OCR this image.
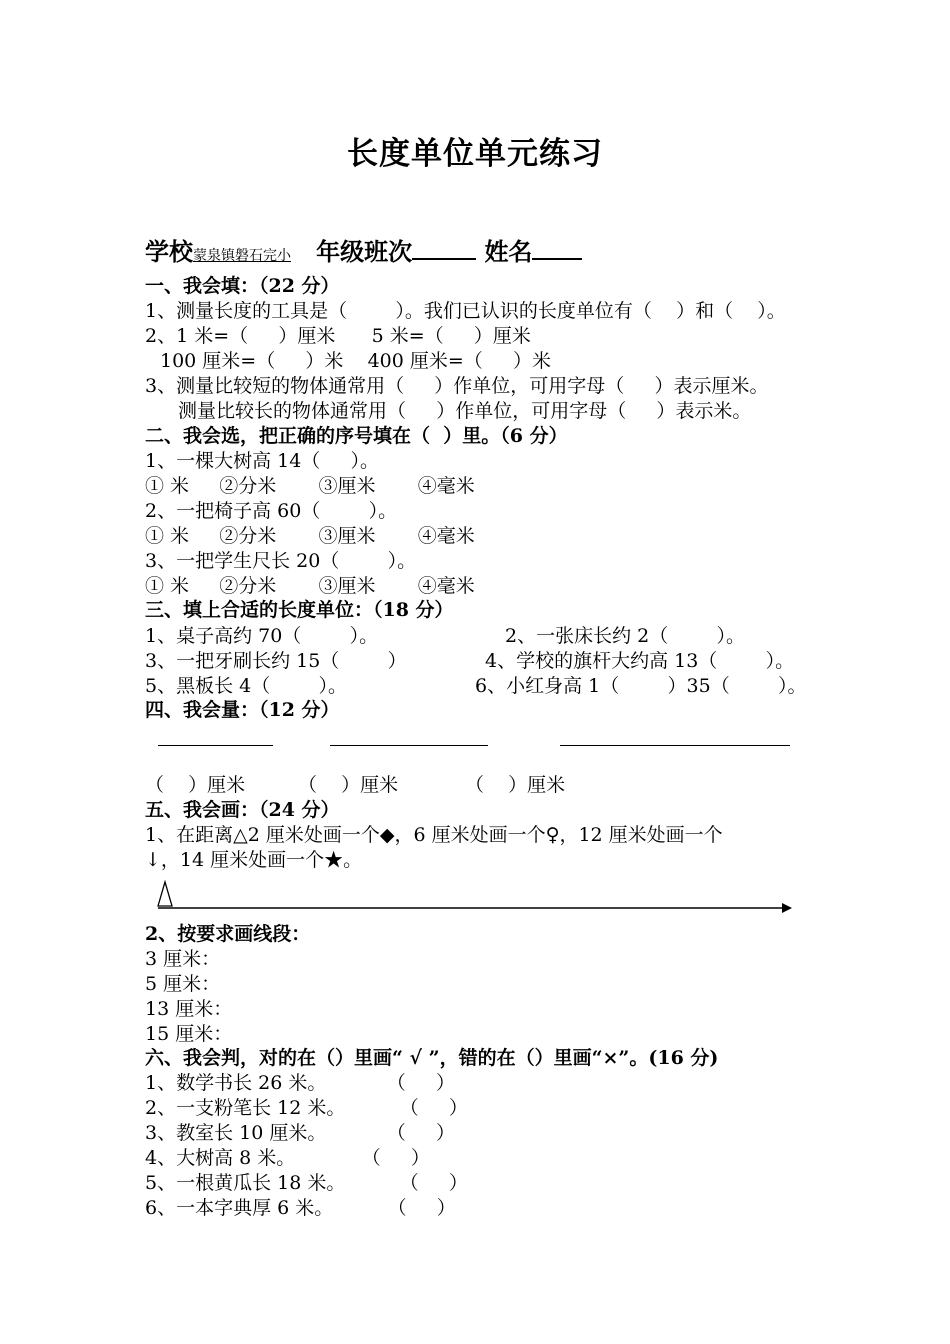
长度单位单元练习
学校蒙泉镇磐石完小 年级班次	姓名
一、我会填：（22 分）
1、测量长度的工具是（        ）。我们已认识的长度单位有（    ）和（    ）。
2、1 米=（     ）厘米      5 米=（     ）厘米
100 厘米=（     ）米    400 厘米=（     ）米
3、测量比较短的物体通常用（     ）作单位，可用字母（     ）表示厘米。
测量比较长的物体通常用（     ）作单位，可用字母（     ）表示米。
二、我会选，把正确的序号填在（  ）里。（6 分）
1、一棵大树高 14（     ）。
① 米     ②分米       ③厘米       ④毫米
2、一把椅子高 60（        ）。
① 米     ②分米       ③厘米       ④毫米
3、一把学生尺长 20（        ）。
① 米     ②分米       ③厘米       ④毫米
三、填上合适的长度单位：（18 分）
1、桌子高约 70（        ）。	2、一张床长约 2（        ）。
3、一把牙刷长约 15（        ）	4、学校的旗杆大约高 13（        ）。
5、黑板长 4（        ）。	6、小红身高 1（        ）35（        ）。
四、我会量：（12 分）
（    ）厘米	（    ）厘米	（    ）厘米
五、我会画：（24 分）
1、在距离△2 厘米处画一个◆，6 厘米处画一个♀，12 厘米处画一个
↓，14 厘米处画一个★。
2、按要求画线段：
3 厘米：
5 厘米：
13 厘米：
15 厘米：
六、我会判，对的在（）里画“ √ ”，错的在（）里画“×”。(16 分)
1、数学书长 26 米。          （     ）
2、一支粉笔长 12 米。         （     ）
3、教室长 10 厘米。          （     ）
4、大树高 8 米。           （     ）
5、一根黄瓜长 18 米。         （     ）
6、一本字典厚 6 米。         （     ）
